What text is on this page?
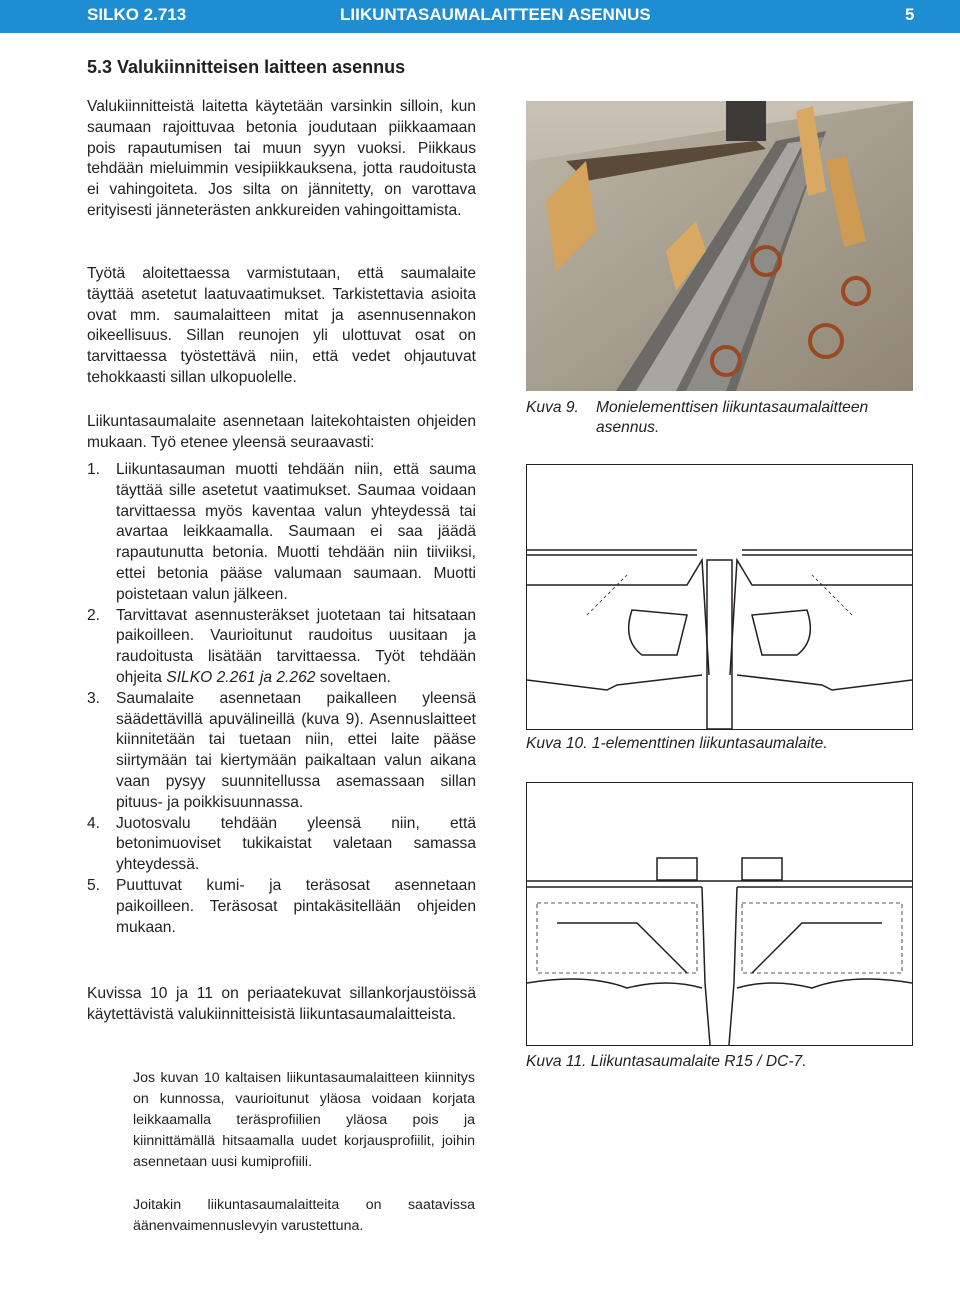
SILKO 2.713	LIIKUNTASAUMALAITTEEN ASENNUS	5
5.3 Valukiinnitteisen laitteen asennus
Valukiinnitteistä laitetta käytetään varsinkin silloin, kun saumaan rajoittuvaa betonia joudutaan piikkaamaan pois rapautumisen tai muun syyn vuoksi. Piikkaus tehdään mieluimmin vesipiikkauksena, jotta raudoitusta ei vahingoiteta. Jos silta on jännitetty, on varottava erityisesti jänneterästen ankkureiden vahingoittamista.
Työtä aloitettaessa varmistutaan, että saumalaite täyttää asetetut laatuvaatimukset. Tarkistettavia asioita ovat mm. saumalaitteen mitat ja asennusennakon oikeellisuus. Sillan reunojen yli ulottuvat osat on tarvittaessa työstettävä niin, että vedet ohjautuvat tehokkaasti sillan ulkopuolelle.
Liikuntasaumalaite asennetaan laitekohtaisten ohjeiden mukaan. Työ etenee yleensä seuraavasti:
1. Liikuntasauman muotti tehdään niin, että sauma täyttää sille asetetut vaatimukset. Saumaa voidaan tarvittaessa myös kaventaa valun yhteydessä tai avartaa leikkaamalla. Saumaan ei saa jäädä rapautunutta betonia. Muotti tehdään niin tiiviiksi, ettei betonia pääse valumaan saumaan. Muotti poistetaan valun jälkeen.
2. Tarvittavat asennusteräkset juotetaan tai hitsataan paikoilleen. Vaurioitunut raudoitus uusitaan ja raudoitusta lisätään tarvittaessa. Työt tehdään ohjeita SILKO 2.261 ja 2.262 soveltaen.
3. Saumalaite asennetaan paikalleen yleensä säädettävillä apuvälineillä (kuva 9). Asennuslaitteet kiinnitetään tai tuetaan niin, ettei laite pääse siirtymään tai kiertymään paikaltaan valun aikana vaan pysyy suunnitellussa asemassaan sillan pituus- ja poikkisuunnassa.
4. Juotosvalu tehdään yleensä niin, että betonimuoviset tukikaistat valetaan samassa yhteydessä.
5. Puuttuvat kumi- ja teräsosat asennetaan paikoilleen. Teräsosat pintakäsitellään ohjeiden mukaan.
Kuvissa 10 ja 11 on periaatekuvat sillankorjaustöissä käytettävistä valukiinnitteisistä liikuntasaumalaitteista.
Jos kuvan 10 kaltaisen liikuntasaumalaitteen kiinnitys on kunnossa, vaurioitunut yläosa voidaan korjata leikkaamalla teräsprofiilien yläosa pois ja kiinnittämällä hitsaamalla uudet korjausprofiilit, joihin asennetaan uusi kumiprofiili.
Joitakin liikuntasaumalaitteita on saatavissa äänenvaimennuslevyin varustettuna.
Kuva 9. Monielementtisen liikuntasaumalaitteen asennus.
Kuva 10. 1-elementtinen liikuntasaumalaite.
Kuva 11. Liikuntasaumalaite R15 / DC-7.
